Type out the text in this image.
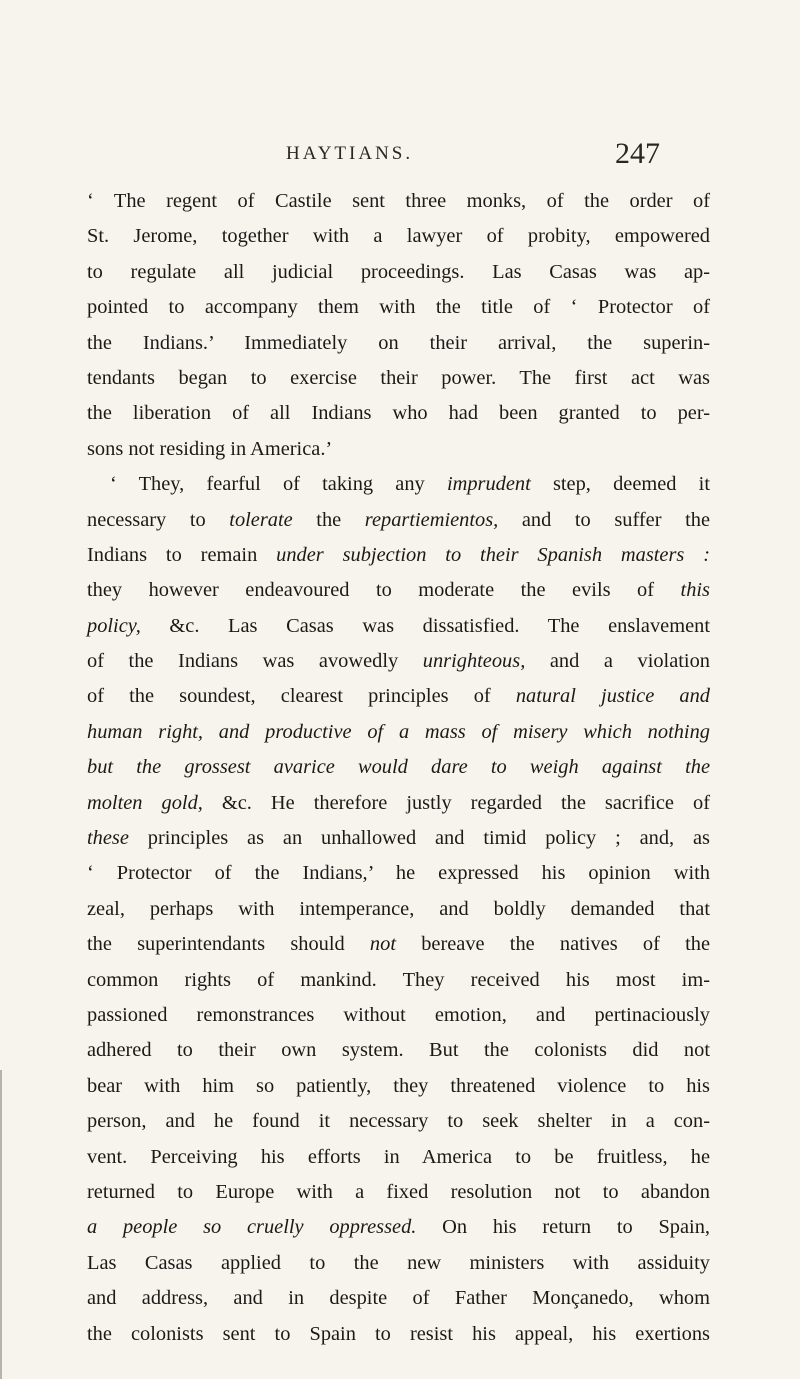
HAYTIANS.	247
‘ The regent of Castile sent three monks, of the order of
St. Jerome, together with a lawyer of probity, empowered
to regulate all judicial proceedings. Las Casas was ap-
pointed to accompany them with the title of ‘ Protector of
the Indians.’ Immediately on their arrival, the superin-
tendants began to exercise their power. The first act was
the liberation of all Indians who had been granted to per-
sons not residing in America.’
‘ They, fearful of taking any imprudent step, deemed it
necessary to tolerate the repartiemientos, and to suffer the
Indians to remain under subjection to their Spanish masters :
they however endeavoured to moderate the evils of this
policy, &c. Las Casas was dissatisfied. The enslavement
of the Indians was avowedly unrighteous, and a violation
of the soundest, clearest principles of natural justice and
human right, and productive of a mass of misery which nothing
but the grossest avarice would dare to weigh against the
molten gold, &c. He therefore justly regarded the sacrifice of
these principles as an unhallowed and timid policy ; and, as
‘ Protector of the Indians,’ he expressed his opinion with
zeal, perhaps with intemperance, and boldly demanded that
the superintendants should not bereave the natives of the
common rights of mankind. They received his most im-
passioned remonstrances without emotion, and pertinaciously
adhered to their own system. But the colonists did not
bear with him so patiently, they threatened violence to his
person, and he found it necessary to seek shelter in a con-
vent. Perceiving his efforts in America to be fruitless, he
returned to Europe with a fixed resolution not to abandon
a people so cruelly oppressed. On his return to Spain,
Las Casas applied to the new ministers with assiduity
and address, and in despite of Father Monçanedo, whom
the colonists sent to Spain to resist his appeal, his exertions
